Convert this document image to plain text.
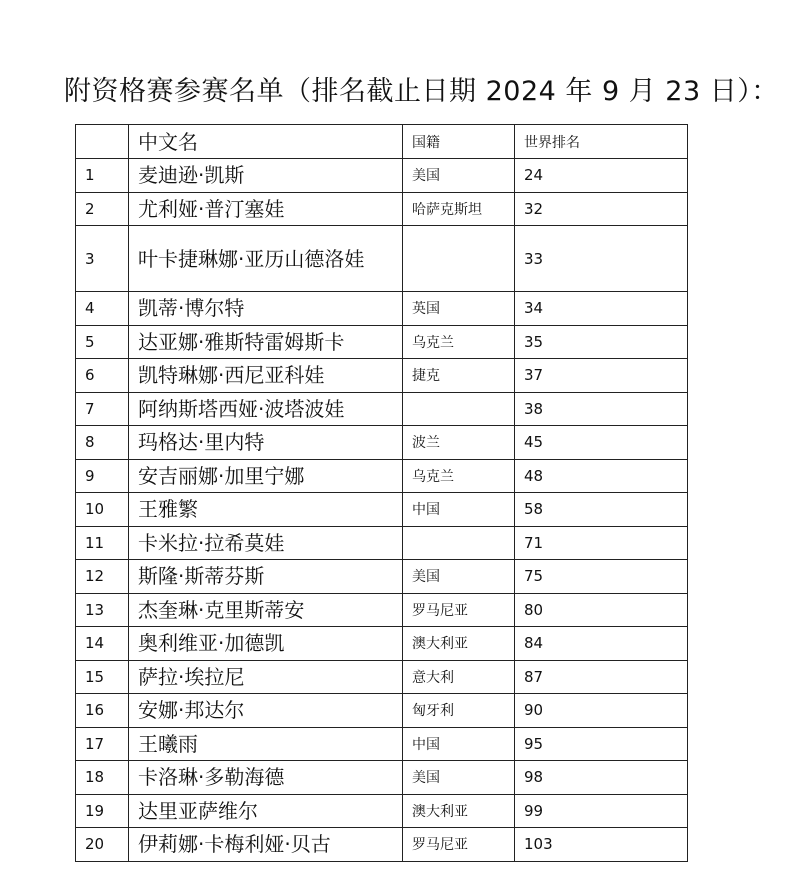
附资格赛参赛名单（排名截止日期 2024 年 9 月 23 日）：
	中文名	国籍	世界排名
1	麦迪逊·凯斯	美国	24
2	尤利娅·普汀塞娃	哈萨克斯坦	32
3	叶卡捷琳娜·亚历山德洛娃		33
4	凯蒂·博尔特	英国	34
5	达亚娜·雅斯特雷姆斯卡	乌克兰	35
6	凯特琳娜·西尼亚科娃	捷克	37
7	阿纳斯塔西娅·波塔波娃		38
8	玛格达·里内特	波兰	45
9	安吉丽娜·加里宁娜	乌克兰	48
10	王雅繁	中国	58
11	卡米拉·拉希莫娃		71
12	斯隆·斯蒂芬斯	美国	75
13	杰奎琳·克里斯蒂安	罗马尼亚	80
14	奥利维亚·加德凯	澳大利亚	84
15	萨拉·埃拉尼	意大利	87
16	安娜·邦达尔	匈牙利	90
17	王曦雨	中国	95
18	卡洛琳·多勒海德	美国	98
19	达里亚萨维尔	澳大利亚	99
20	伊莉娜·卡梅利娅·贝古	罗马尼亚	103
